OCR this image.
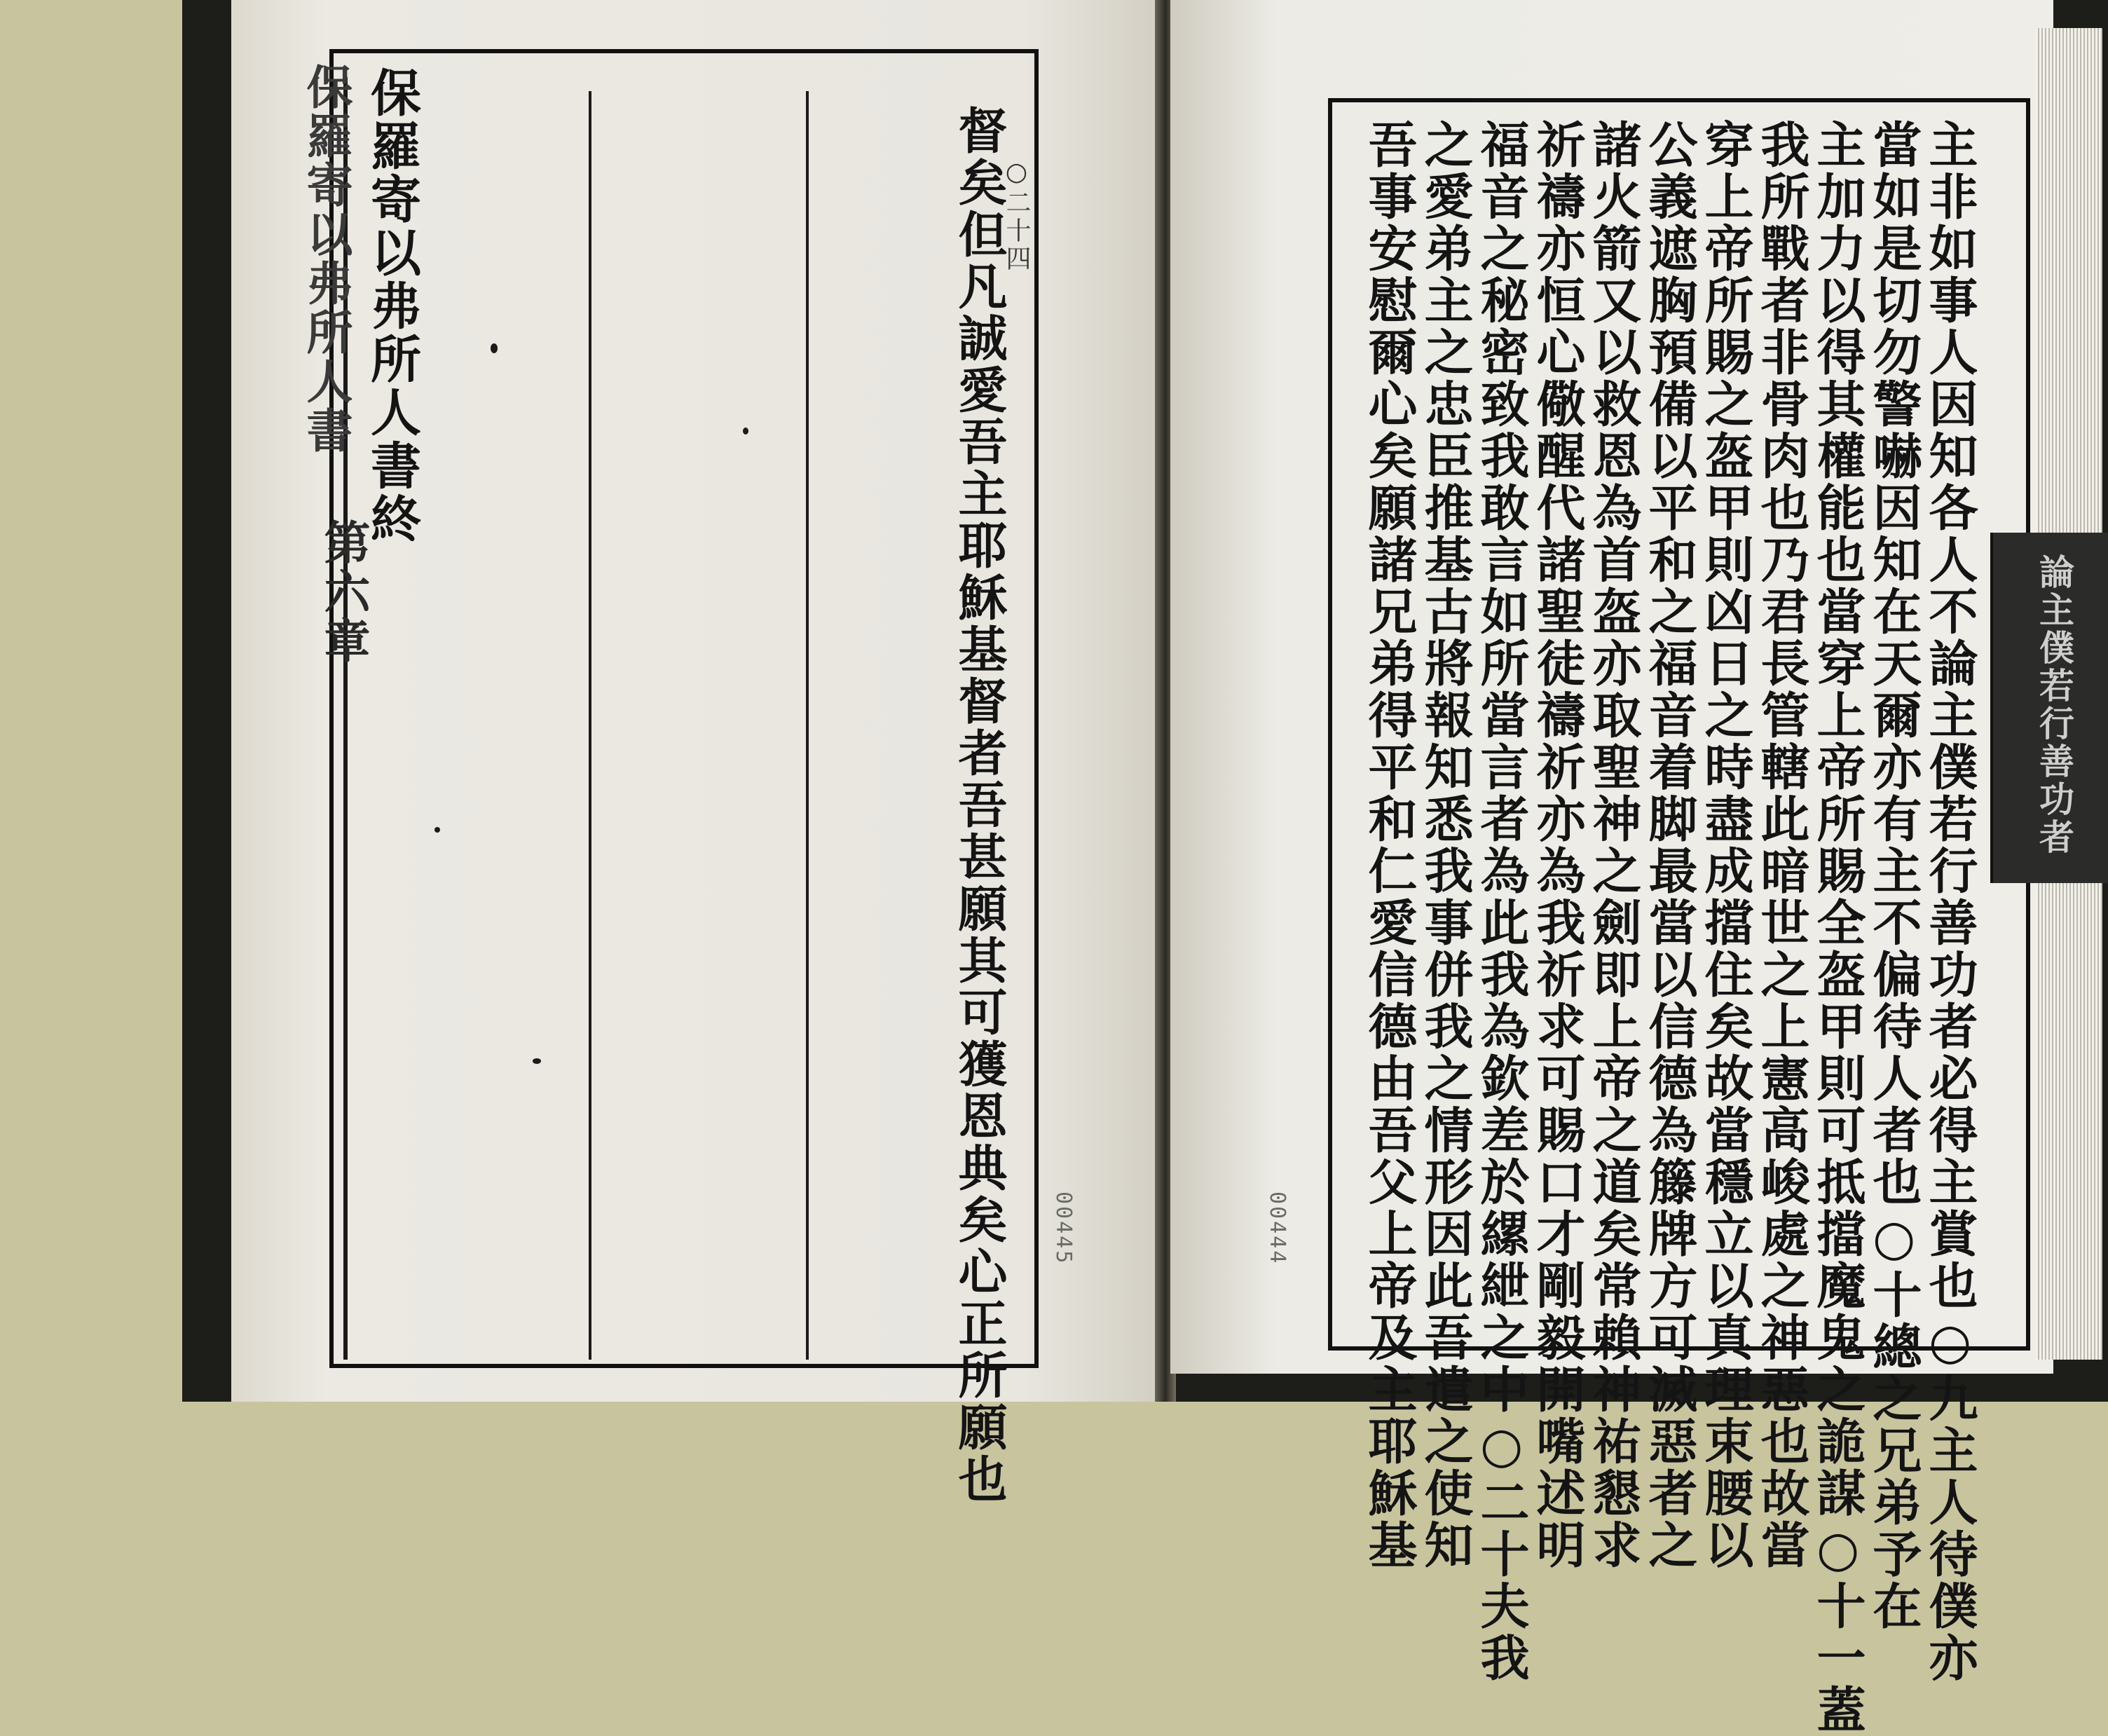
保羅寄以弗所人書
第六章
保羅寄以弗所人書終	督矣但凡誠愛吾主耶穌基督者吾甚願其可獲恩典矣心正所願也
○二十四
00445	00444	主非如事人因知各人不論主僕若行善功者必得主賞也○九主人待僕亦
當如是切勿警嚇因知在天爾亦有主不偏待人者也○十總之兄弟予在
主加力以得其權能也當穿上帝所賜全盔甲則可抵擋魔鬼之詭謀○十一蓋
我所戰者非骨肉也乃君長管轄此暗世之上憲高峻處之神惡也故當
穿上帝所賜之盔甲則凶日之時盡成擋住矣故當穩立以真理束腰以
公義遮胸預備以平和之福音着脚最當以信德為籐牌方可滅惡者之
諸火箭又以救恩為首盔亦取聖神之劍即上帝之道矣常賴神祐懇求
祈禱亦恒心儆醒代諸聖徒禱祈亦為我祈求可賜口才剛毅開嘴述明
福音之秘密致我敢言如所當言者為此我為欽差於縲紲之中○二十夫我
之愛弟主之忠臣推基古將報知悉我事併我之情形因此吾遣之使知
吾事安慰爾心矣願諸兄弟得平和仁愛信德由吾父上帝及主耶穌基	論主僕若行善功者
